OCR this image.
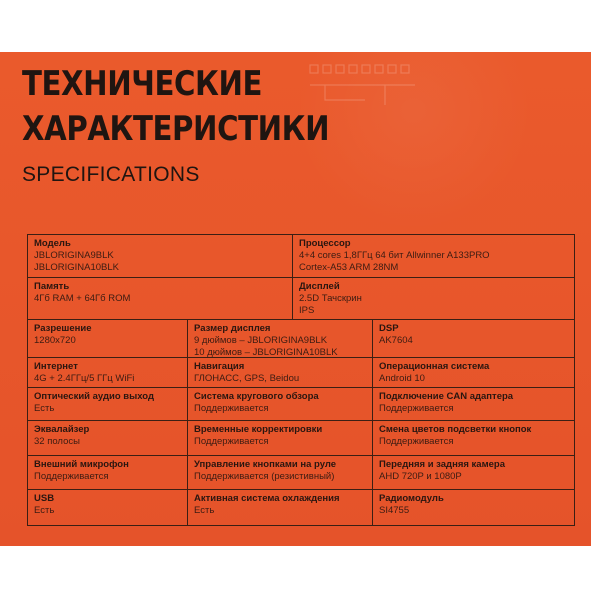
ТЕХНИЧЕСКИЕ
ХАРАКТЕРИСТИКИ
SPECIFICATIONS
Модель
JBLORIGINA9BLK
JBLORIGINA10BLK
Процессор
4+4 cores 1,8ГГц 64 бит Allwinner A133PRO
Cortex-A53 ARM 28NM
Память
4Гб RAM + 64Гб ROM
Дисплей
2.5D Тачскрин
IPS
Разрешение
1280х720
Размер дисплея
9 дюймов – JBLORIGINA9BLK
10 дюймов – JBLORIGINA10BLK
DSP
AK7604
Интернет
4G + 2.4ГГц/5 ГГц WiFi
Навигация
ГЛОНАСС, GPS, Beidou
Операционная система
Android 10
Оптический аудио выход
Есть
Система кругового обзора
Поддерживается
Подключение CAN адаптера
Поддерживается
Эквалайзер
32 полосы
Временные корректировки
Поддерживается
Смена цветов подсветки кнопок
Поддерживается
Внешний микрофон
Поддерживается
Управление кнопками на руле
Поддерживается (резистивный)
Передняя и задняя камера
AHD 720P и 1080P
USB
Есть
Активная система охлаждения
Есть
Радиомодуль
SI4755
